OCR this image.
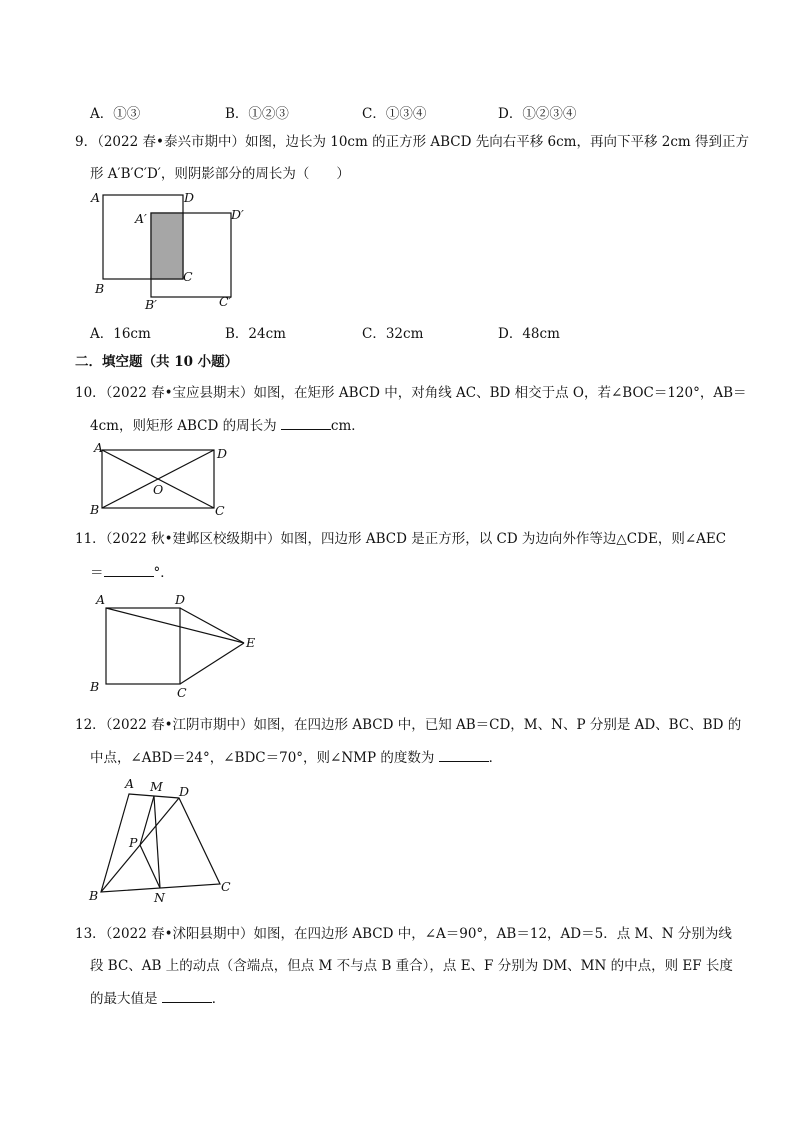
A．①③	B．①②③	C．①③④	D．①②③④
9．（2022 春•泰兴市期中）如图，边长为 10cm 的正方形 ABCD 先向右平移 6cm，再向下平移 2cm 得到正方
形 A′B′C′D′，则阴影部分的周长为（　　）
A	D
A′	D′
B
C
B′	C′
A．16cm	B．24cm	C．32cm	D．48cm
二．填空题（共 10 小题）
10．（2022 春•宝应县期末）如图，在矩形 ABCD 中，对角线 AC、BD 相交于点 O，若∠BOC＝120°，AB＝
4cm，则矩形 ABCD 的周长为	cm．
A	D
O
B	C
11．（2022 秋•建邺区校级期中）如图，四边形 ABCD 是正方形，以 CD 为边向外作等边△CDE，则∠AEC
＝	°．
A	D
E
B	C
12．（2022 春•江阴市期中）如图，在四边形 ABCD 中，已知 AB＝CD，M、N、P 分别是 AD、BC、BD 的
中点，∠ABD＝24°，∠BDC＝70°，则∠NMP 的度数为	．
A M D
P
B	N
C
13．（2022 春•沭阳县期中）如图，在四边形 ABCD 中，∠A＝90°，AB＝12，AD＝5．点 M、N 分别为线
段 BC、AB 上的动点（含端点，但点 M 不与点 B 重合），点 E、F 分别为 DM、MN 的中点，则 EF 长度
的最大值是	．
